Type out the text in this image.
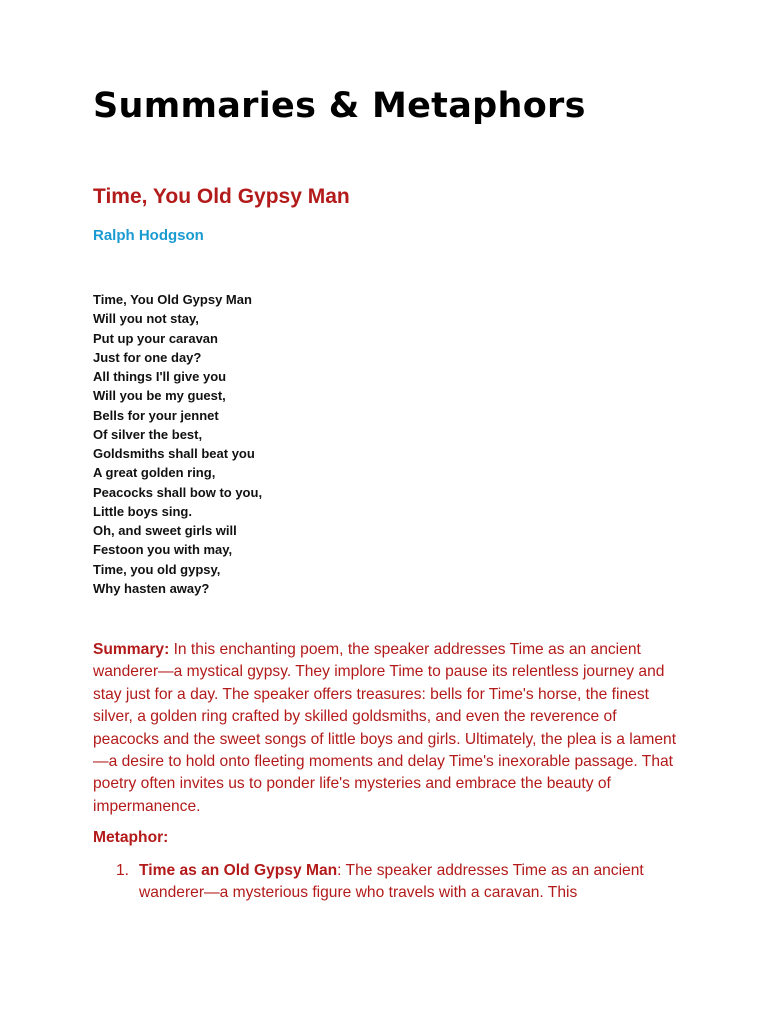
Summaries & Metaphors
Time, You Old Gypsy Man

Ralph Hodgson

Time, You Old Gypsy Man
Will you not stay,
Put up your caravan
Just for one day?
All things I'll give you
Will you be my guest,
Bells for your jennet
Of silver the best,
Goldsmiths shall beat you
A great golden ring,
Peacocks shall bow to you,
Little boys sing.
Oh, and sweet girls will
Festoon you with may,
Time, you old gypsy,
Why hasten away?

Summary: In this enchanting poem, the speaker addresses Time as an ancient wanderer—a mystical gypsy. They implore Time to pause its relentless journey and stay just for a day. The speaker offers treasures: bells for Time's horse, the finest silver, a golden ring crafted by skilled goldsmiths, and even the reverence of peacocks and the sweet songs of little boys and girls. Ultimately, the plea is a lament—a desire to hold onto fleeting moments and delay Time's inexorable passage. That poetry often invites us to ponder life's mysteries and embrace the beauty of impermanence.

Metaphor:

1. Time as an Old Gypsy Man: The speaker addresses Time as an ancient wanderer—a mysterious figure who travels with a caravan. This
